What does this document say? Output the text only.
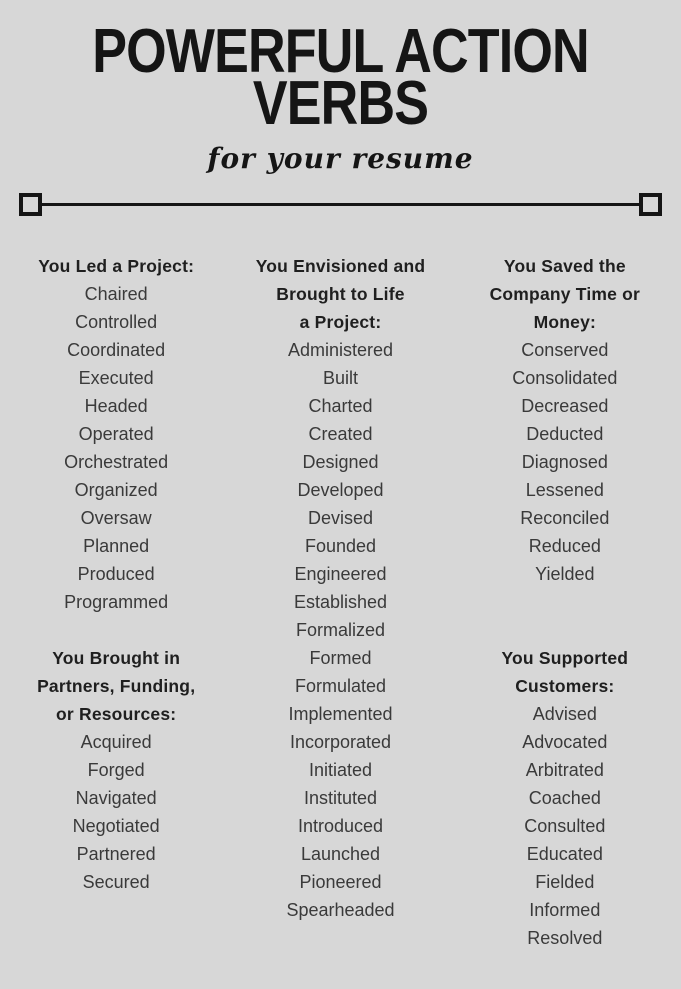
POWERFUL ACTION
VERBS
for your resume
You Led a Project:
Chaired
Controlled
Coordinated
Executed
Headed
Operated
Orchestrated
Organized
Oversaw
Planned
Produced
Programmed
You Brought in
Partners, Funding,
or Resources:
Acquired
Forged
Navigated
Negotiated
Partnered
Secured
You Envisioned and
Brought to Life
a Project:
Administered
Built
Charted
Created
Designed
Developed
Devised
Founded
Engineered
Established
Formalized
Formed
Formulated
Implemented
Incorporated
Initiated
Instituted
Introduced
Launched
Pioneered
Spearheaded
You Saved the
Company Time or
Money:
Conserved
Consolidated
Decreased
Deducted
Diagnosed
Lessened
Reconciled
Reduced
Yielded
You Supported
Customers:
Advised
Advocated
Arbitrated
Coached
Consulted
Educated
Fielded
Informed
Resolved
